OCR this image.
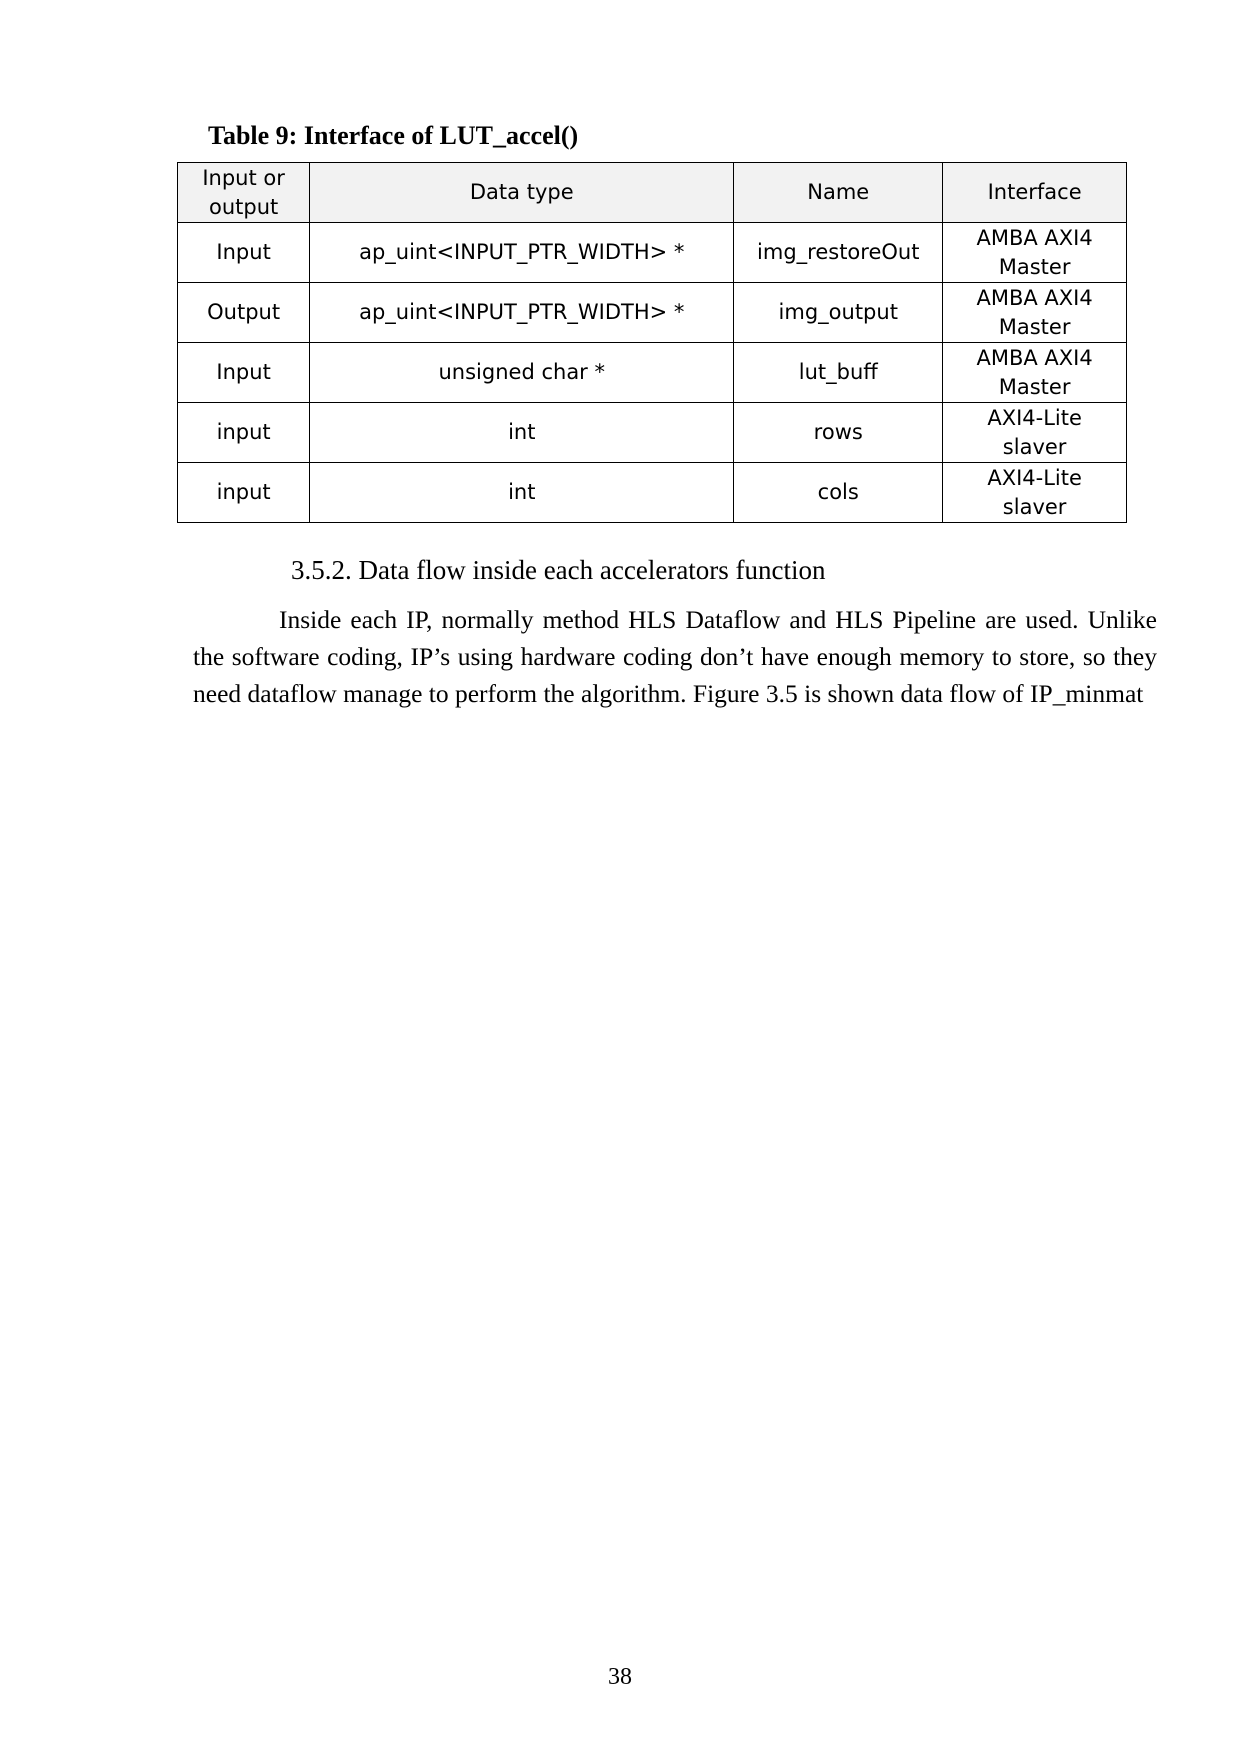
Table 9: Interface of LUT_accel()
Input or output	Data type	Name	Interface
Input	ap_uint<INPUT_PTR_WIDTH> *	img_restoreOut	AMBA AXI4 Master
Output	ap_uint<INPUT_PTR_WIDTH> *	img_output	AMBA AXI4 Master
Input	unsigned char *	lut_buff	AMBA AXI4 Master
input	int	rows	AXI4-Lite slaver
input	int	cols	AXI4-Lite slaver
3.5.2. Data flow inside each accelerators function

Inside each IP, normally method HLS Dataflow and HLS Pipeline are used. Unlike the software coding, IP’s using hardware coding don’t have enough memory to store, so they need dataflow manage to perform the algorithm. Figure 3.5 is shown data flow of IP_minmat

38
